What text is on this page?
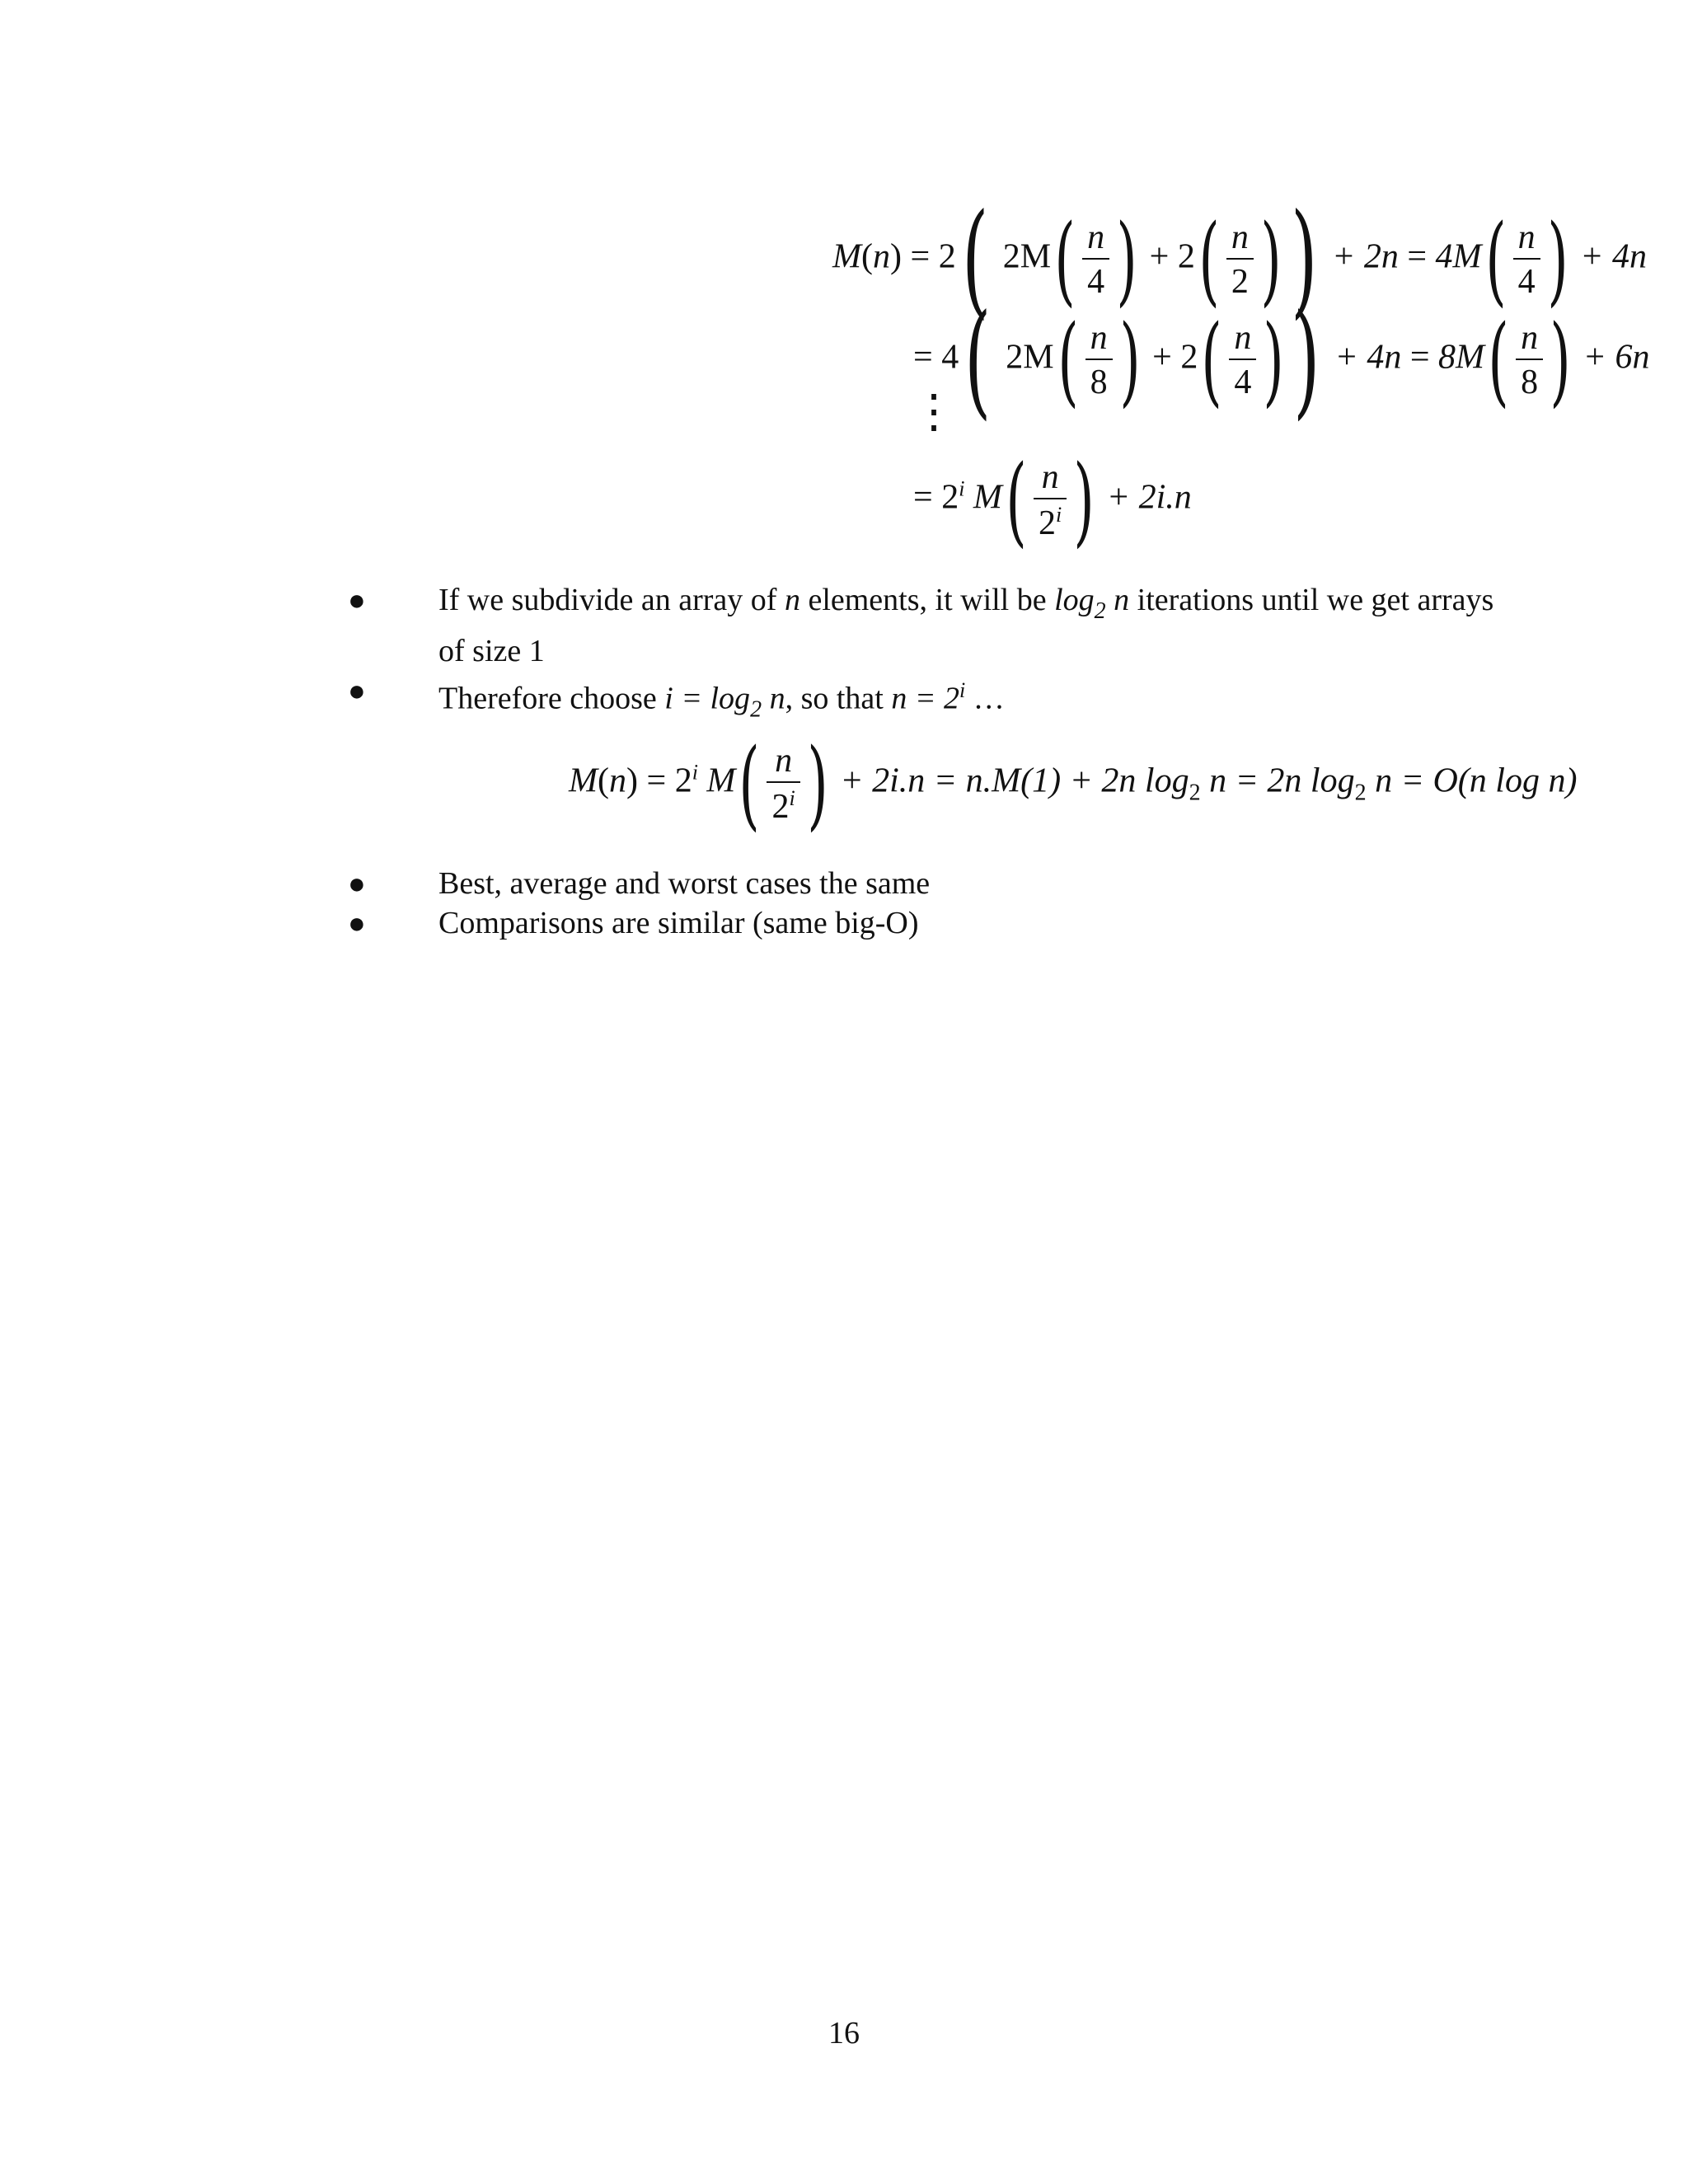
M(n) = 2( $2M( \frac{n}{4}$ ) + $2( \frac{n}{2}$ )) + $2n = 4M( \frac{n}{4}$ ) + 4n
= 4( $2M( \frac{n}{8}$ ) + $2( \frac{n}{4}$ )) + $4n = 8M( \frac{n}{8}$ ) + 6n
⋮
= $2^i$ $M( \frac{n}{2^i}$ ) + 2i.n
● If we subdivide an array of n elements, it will be $\log_2 n$ iterations until we get arrays of size 1
● Therefore choose $i = \log_2 n$, so that $n = 2^i$ …
$M(n) = 2^i$ $M( \frac{n}{2^i}$ ) + 2i.n = n.M(1) + 2n $\log_2 n = 2n$ $\log_2 n = O(n$ log n)
● Best, average and worst cases the same
● Comparisons are similar (same big-O)
16
